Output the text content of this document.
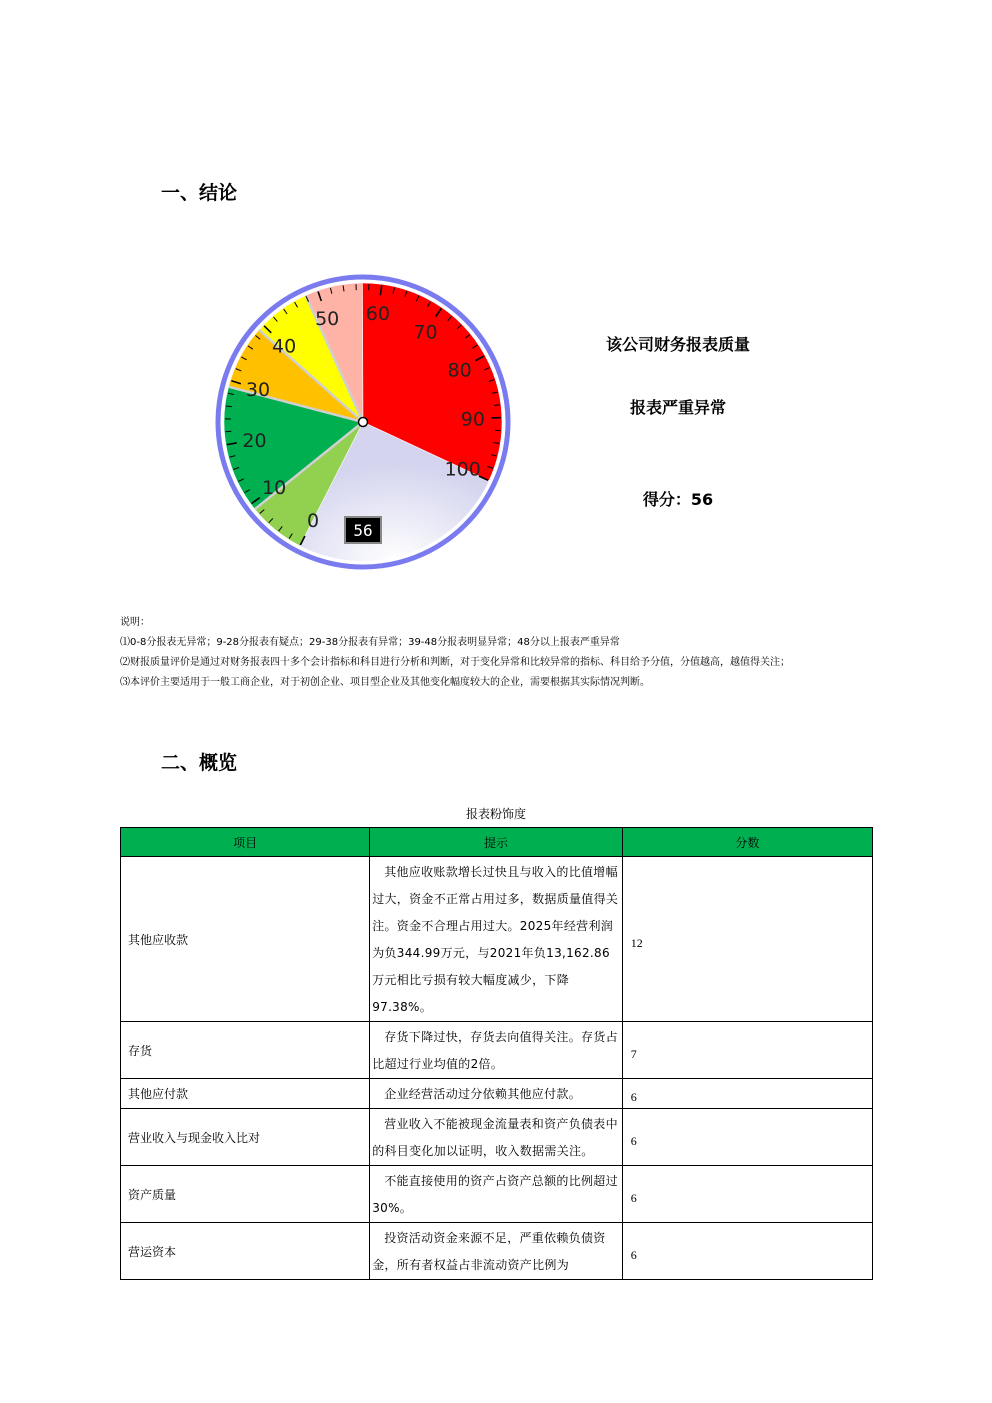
一、结论
0
10
20
30
40
50 60
70
80
90
100
56
该公司财务报表质量
报表严重异常
得分：56
说明：
⑴0-8分报表无异常；9-28分报表有疑点；29-38分报表有异常；39-48分报表明显异常；48分以上报表严重异常
⑵财报质量评价是通过对财务报表四十多个会计指标和科目进行分析和判断，对于变化异常和比较异常的指标、科目给予分值，分值越高，越值得关注；
⑶本评价主要适用于一般工商企业，对于初创企业、项目型企业及其他变化幅度较大的企业，需要根据其实际情况判断。
二、概览
报表粉饰度
项目	提示	分数
其他应收款	其他应收账款增长过快且与收入的比值增幅过大，资金不正常占用过多，数据质量值得关注。资金不合理占用过大。2025年经营利润为负344.99万元，与2021年负13,162.86万元相比亏损有较大幅度减少，下降97.38%。	12
存货	存货下降过快，存货去向值得关注。存货占比超过行业均值的2倍。	7
其他应付款	企业经营活动过分依赖其他应付款。	6
营业收入与现金收入比对	营业收入不能被现金流量表和资产负债表中的科目变化加以证明，收入数据需关注。	6
资产质量	不能直接使用的资产占资产总额的比例超过30%。	6
营运资本	投资活动资金来源不足，严重依赖负债资金，所有者权益占非流动资产比例为	6
